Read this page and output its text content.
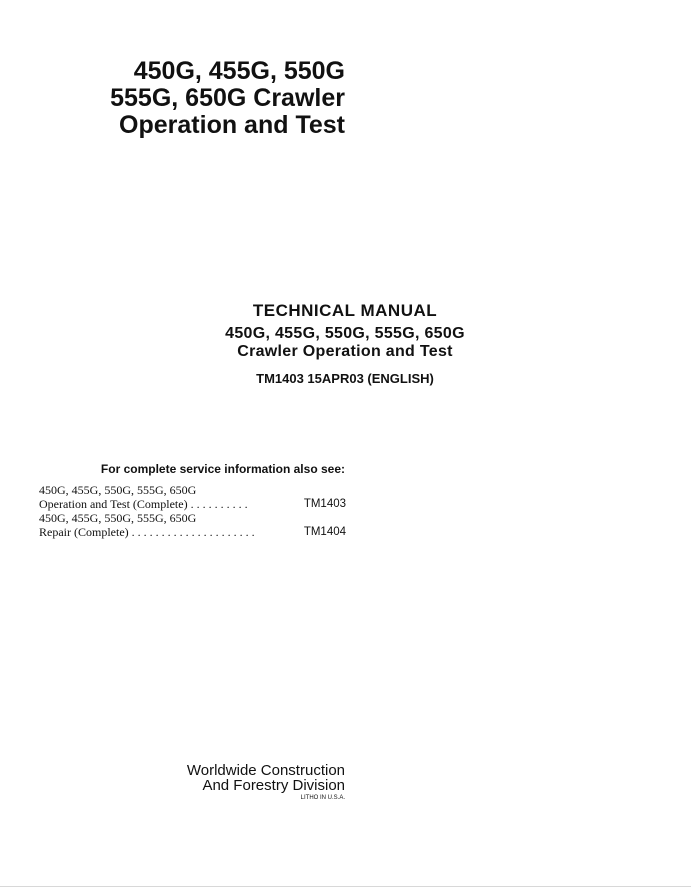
450G, 455G, 550G
555G, 650G Crawler
Operation and Test
TECHNICAL MANUAL
450G, 455G, 550G, 555G, 650G
Crawler Operation and Test
TM1403 15APR03 (ENGLISH)
For complete service information also see:
450G, 455G, 550G, 555G, 650G
Operation and Test (Complete) . . . . . . . . . .	TM1403
450G, 455G, 550G, 555G, 650G
Repair (Complete) . . . . . . . . . . . . . . . . . . . . .	TM1404
Worldwide Construction
And Forestry Division
LITHO IN U.S.A.
